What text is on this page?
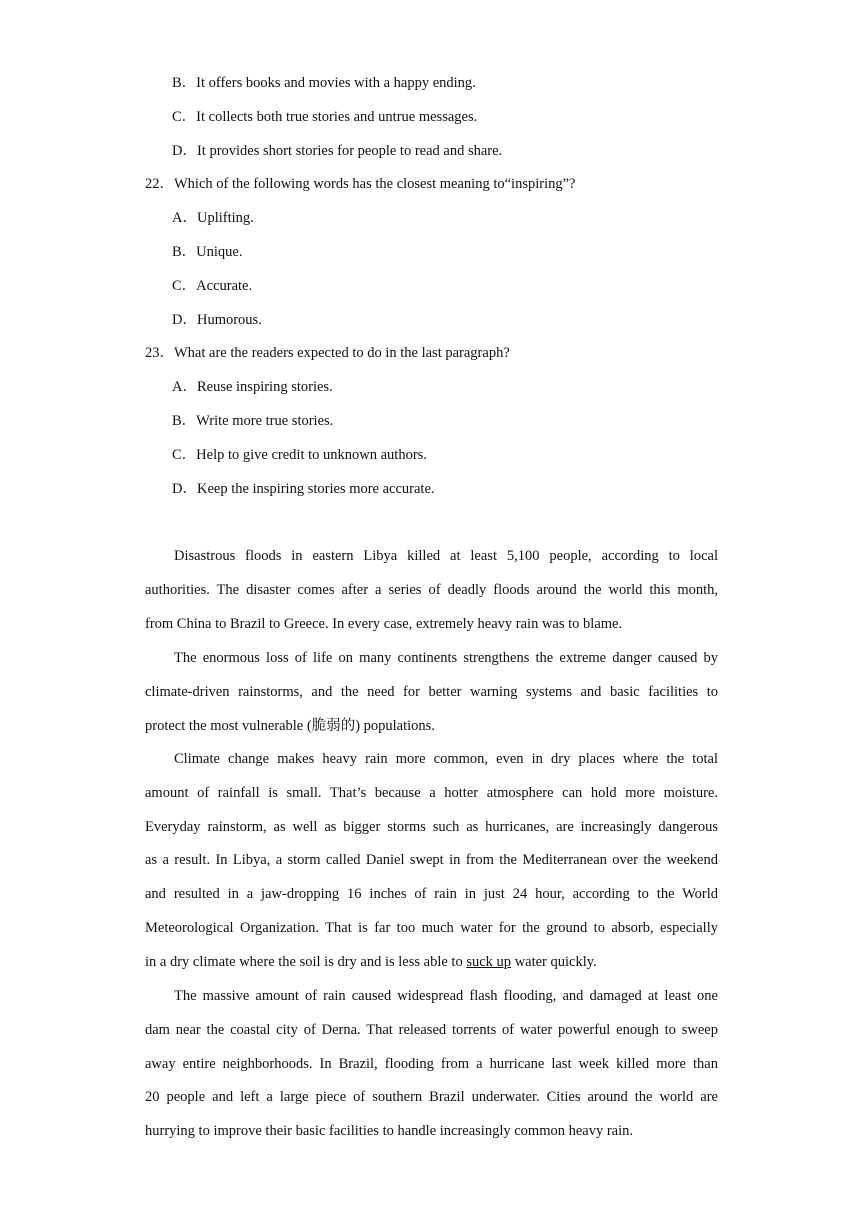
B．It offers books and movies with a happy ending.
C．It collects both true stories and untrue messages.
D．It provides short stories for people to read and share.
22．Which of the following words has the closest meaning to“inspiring”?
A．Uplifting.
B．Unique.
C．Accurate.
D．Humorous.
23．What are the readers expected to do in the last paragraph?
A．Reuse inspiring stories.
B．Write more true stories.
C．Help to give credit to unknown authors.
D．Keep the inspiring stories more accurate.
Disastrous floods in eastern Libya killed at least 5,100 people, according to local
authorities. The disaster comes after a series of deadly floods around the world this month,
from China to Brazil to Greece. In every case, extremely heavy rain was to blame.
The enormous loss of life on many continents strengthens the extreme danger caused by
climate-driven rainstorms, and the need for better warning systems and basic facilities to
protect the most vulnerable (脆弱的) populations.
Climate change makes heavy rain more common, even in dry places where the total
amount of rainfall is small. That’s because a hotter atmosphere can hold more moisture.
Everyday rainstorm, as well as bigger storms such as hurricanes, are increasingly dangerous
as a result. In Libya, a storm called Daniel swept in from the Mediterranean over the weekend
and resulted in a jaw-dropping 16 inches of rain in just 24 hour, according to the World
Meteorological Organization. That is far too much water for the ground to absorb, especially
in a dry climate where the soil is dry and is less able to suck up water quickly.
The massive amount of rain caused widespread flash flooding, and damaged at least one
dam near the coastal city of Derna. That released torrents of water powerful enough to sweep
away entire neighborhoods. In Brazil, flooding from a hurricane last week killed more than
20 people and left a large piece of southern Brazil underwater. Cities around the world are
hurrying to improve their basic facilities to handle increasingly common heavy rain.
